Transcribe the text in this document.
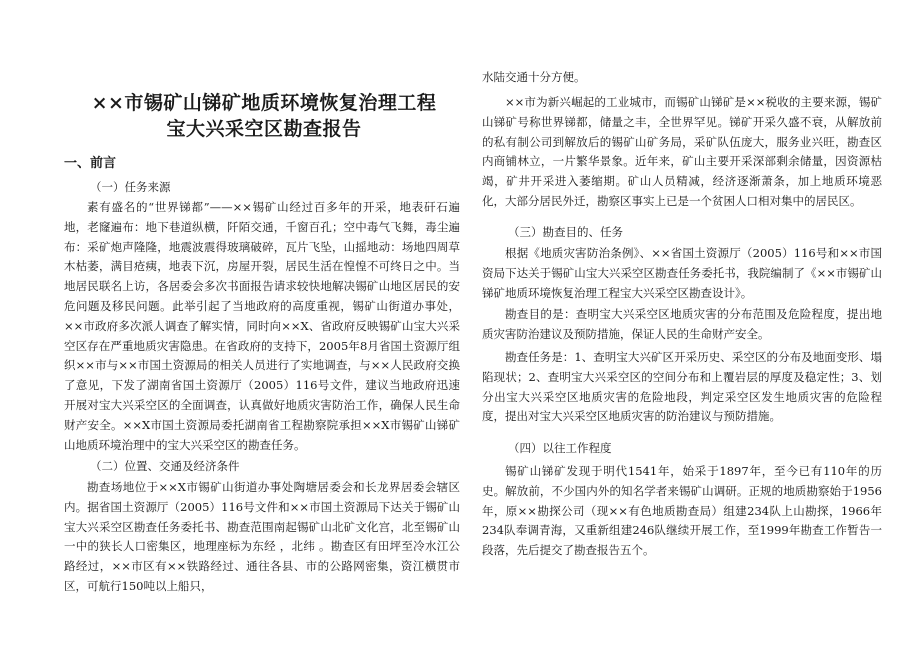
××市锡矿山锑矿地质环境恢复治理工程
宝大兴采空区勘查报告
一、前言

（一）任务来源

素有盛名的“世界锑都”——××锡矿山经过百多年的开采，地表矸石遍地，老窿遍布：地下巷道纵横，阡陌交通，千窗百孔；空中毒气飞舞，毒尘遍布：采矿炮声隆隆，地震波震得玻璃破碎，瓦片飞坠，山摇地动：场地四周草木枯萎，满目疮痍，地表下沉，房屋开裂，居民生活在惶惶不可终日之中。当地居民联名上访，各居委会多次书面报告请求较快地解决锡矿山地区居民的安危问题及移民问题。此举引起了当地政府的高度重视，锡矿山街道办事处，××市政府多次派人调查了解实情，同时向××X、省政府反映锡矿山宝大兴采空区存在严重地质灾害隐患。在省政府的支持下，2005年8月省国土资源厅组织××市与××市国土资源局的相关人员进行了实地调查，与××人民政府交换了意见，下发了湖南省国土资源厅（2005）116号文件，建议当地政府迅速开展对宝大兴采空区的全面调查，认真做好地质灾害防治工作，确保人民生命财产安全。××X市国土资源局委托湖南省工程勘察院承担××X市锡矿山锑矿山地质环境治理中的宝大兴采空区的勘查任务。

（二）位置、交通及经济条件

勘查场地位于××X市锡矿山街道办事处陶塘居委会和长龙界居委会辖区内。据省国土资源厅（2005）116号文件和××市国土资源局下达关于锡矿山宝大兴采空区勘查任务委托书、勘查范围南起锡矿山北矿文化宫，北至锡矿山一中的狭长人口密集区，地理座标为东经 ，北纬 。勘查区有田坪至冷水江公路经过，××市区有××铁路经过、通往各县、市的公路网密集，资江横贯市区，可航行150吨以上船只，

水陆交通十分方便。

××市为新兴崛起的工业城市，而锡矿山锑矿是××税收的主要来源，锡矿山锑矿号称世界锑都，储量之丰，全世界罕见。锑矿开采久盛不衰，从解放前的私有制公司到解放后的锡矿山矿务局，采矿队伍庞大，服务业兴旺，勘查区内商铺林立，一片繁华景象。近年来，矿山主要开采深部剩余储量，因资源枯竭，矿井开采进入萎缩期。矿山人员精减，经济逐渐萧条，加上地质环境恶化，大部分居民外迁，勘察区事实上已是一个贫困人口相对集中的居民区。

（三）勘查目的、任务

根据《地质灾害防治条例》、××省国土资源厅（2005）116号和××市国资局下达关于锡矿山宝大兴采空区勘查任务委托书，我院编制了《××市锡矿山锑矿地质环境恢复治理工程宝大兴采空区勘查设计》。

勘查目的是：查明宝大兴采空区地质灾害的分布范围及危险程度，提出地质灾害防治建议及预防措施，保证人民的生命财产安全。

勘查任务是：1、查明宝大兴矿区开采历史、采空区的分布及地面变形、塌陷现状；2、查明宝大兴采空区的空间分布和上覆岩层的厚度及稳定性；3、划分出宝大兴采空区地质灾害的危险地段，判定采空区发生地质灾害的危险程度，提出对宝大兴采空区地质灾害的防治建议与预防措施。

（四）以往工作程度

锡矿山锑矿发现于明代1541年，始采于1897年，至今已有110年的历史。解放前，不少国内外的知名学者来锡矿山调研。正规的地质勘察始于1956年，原××勘探公司（现××有色地质勘查局）组建234队上山勘探，1966年234队奉调青海，又重新组建246队继续开展工作，至1999年勘查工作暂告一段落，先后提交了勘查报告五个。
